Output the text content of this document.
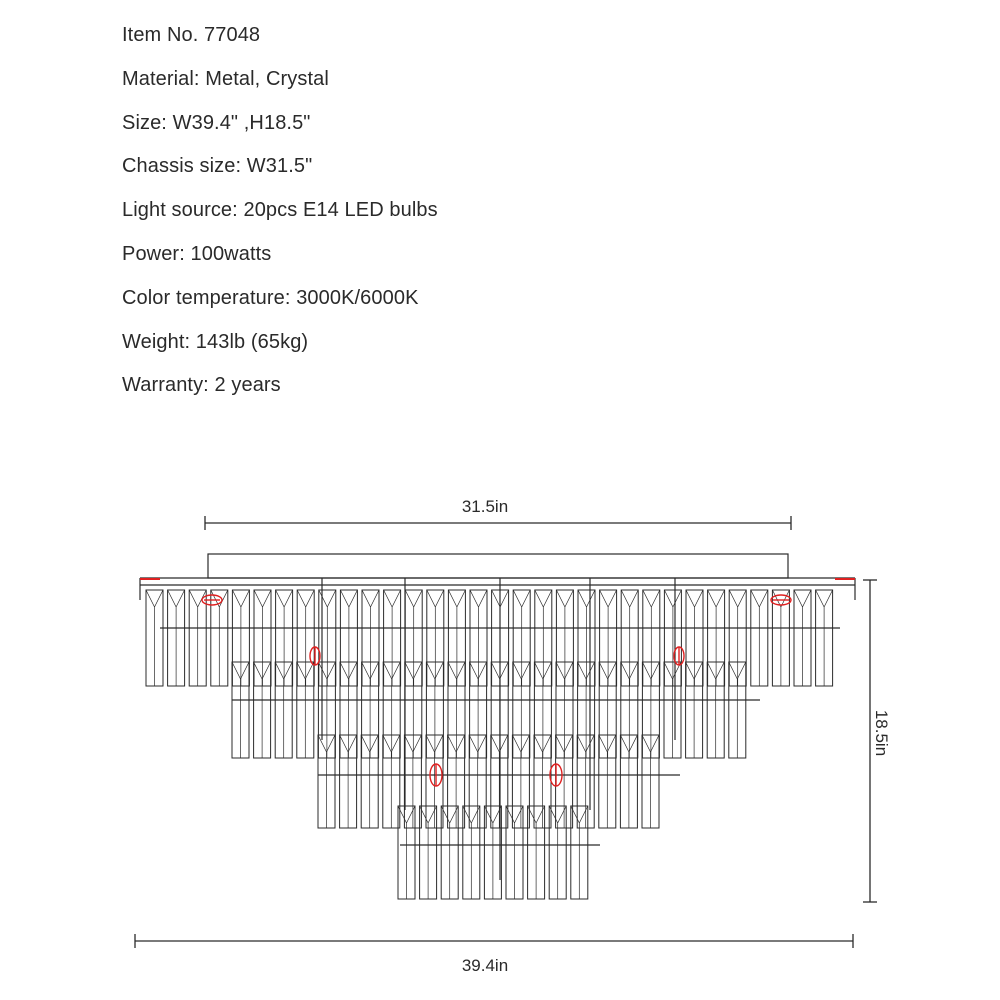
Item No. 77048
Material: Metal, Crystal
Size: W39.4" ,H18.5"
Chassis size: W31.5"
Light source: 20pcs E14 LED bulbs
Power: 100watts
Color temperature: 3000K/6000K
Weight: 143lb (65kg)
Warranty: 2 years
31.5in
18.5in
39.4in
